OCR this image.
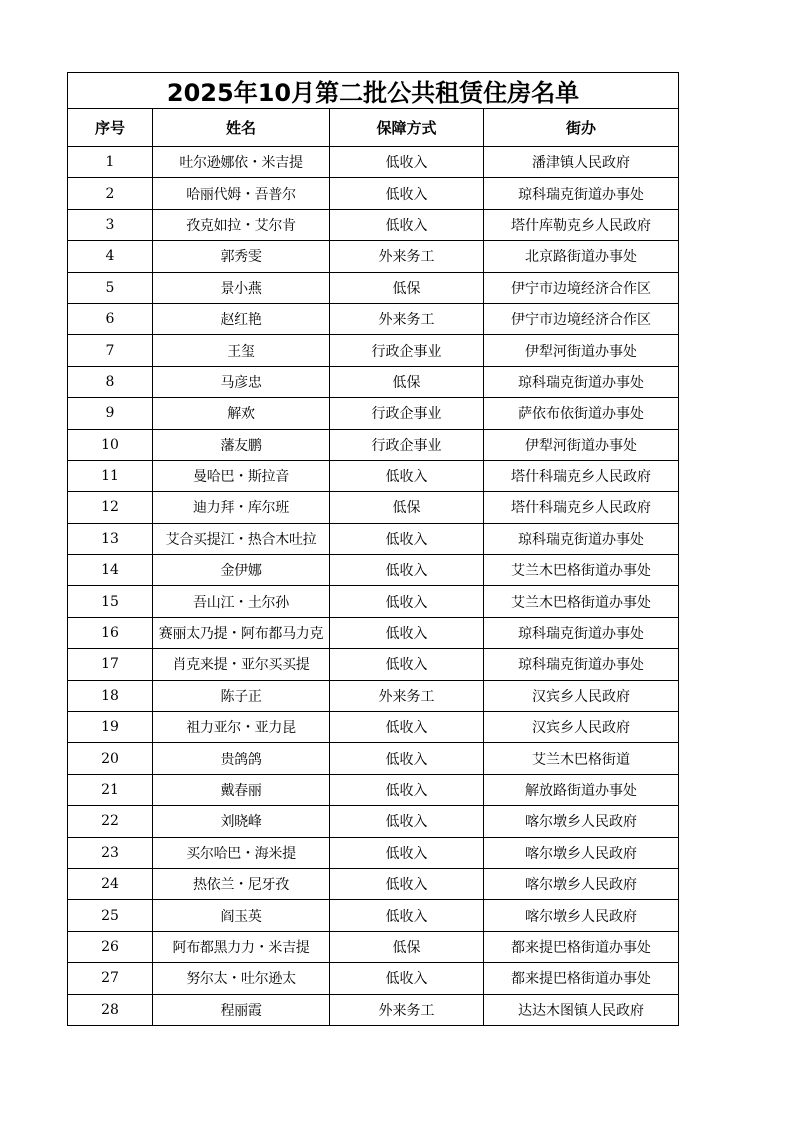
2025年10月第二批公共租赁住房名单			
序号	姓名	保障方式	街办
1	吐尔逊娜依・米吉提	低收入	潘津镇人民政府
2	哈丽代姆・吾普尔	低收入	琼科瑞克街道办事处
3	孜克如拉・艾尔肯	低收入	塔什库勒克乡人民政府
4	郭秀雯	外来务工	北京路街道办事处
5	景小燕	低保	伊宁市边境经济合作区
6	赵红艳	外来务工	伊宁市边境经济合作区
7	王玺	行政企事业	伊犁河街道办事处
8	马彦忠	低保	琼科瑞克街道办事处
9	解欢	行政企事业	萨依布依街道办事处
10	藩友鹏	行政企事业	伊犁河街道办事处
11	曼哈巴・斯拉音	低收入	塔什科瑞克乡人民政府
12	迪力拜・库尔班	低保	塔什科瑞克乡人民政府
13	艾合买提江・热合木吐拉	低收入	琼科瑞克街道办事处
14	金伊娜	低收入	艾兰木巴格街道办事处
15	吾山江・土尔孙	低收入	艾兰木巴格街道办事处
16	赛丽太乃提・阿布都马力克	低收入	琼科瑞克街道办事处
17	肖克来提・亚尔买买提	低收入	琼科瑞克街道办事处
18	陈子正	外来务工	汉宾乡人民政府
19	祖力亚尔・亚力昆	低收入	汉宾乡人民政府
20	贵鸽鸽	低收入	艾兰木巴格街道
21	戴春丽	低收入	解放路街道办事处
22	刘晓峰	低收入	喀尔墩乡人民政府
23	买尔哈巴・海米提	低收入	喀尔墩乡人民政府
24	热依兰・尼牙孜	低收入	喀尔墩乡人民政府
25	阎玉英	低收入	喀尔墩乡人民政府
26	阿布都黑力力・米吉提	低保	都来提巴格街道办事处
27	努尔太・吐尔逊太	低收入	都来提巴格街道办事处
28	程丽霞	外来务工	达达木图镇人民政府
